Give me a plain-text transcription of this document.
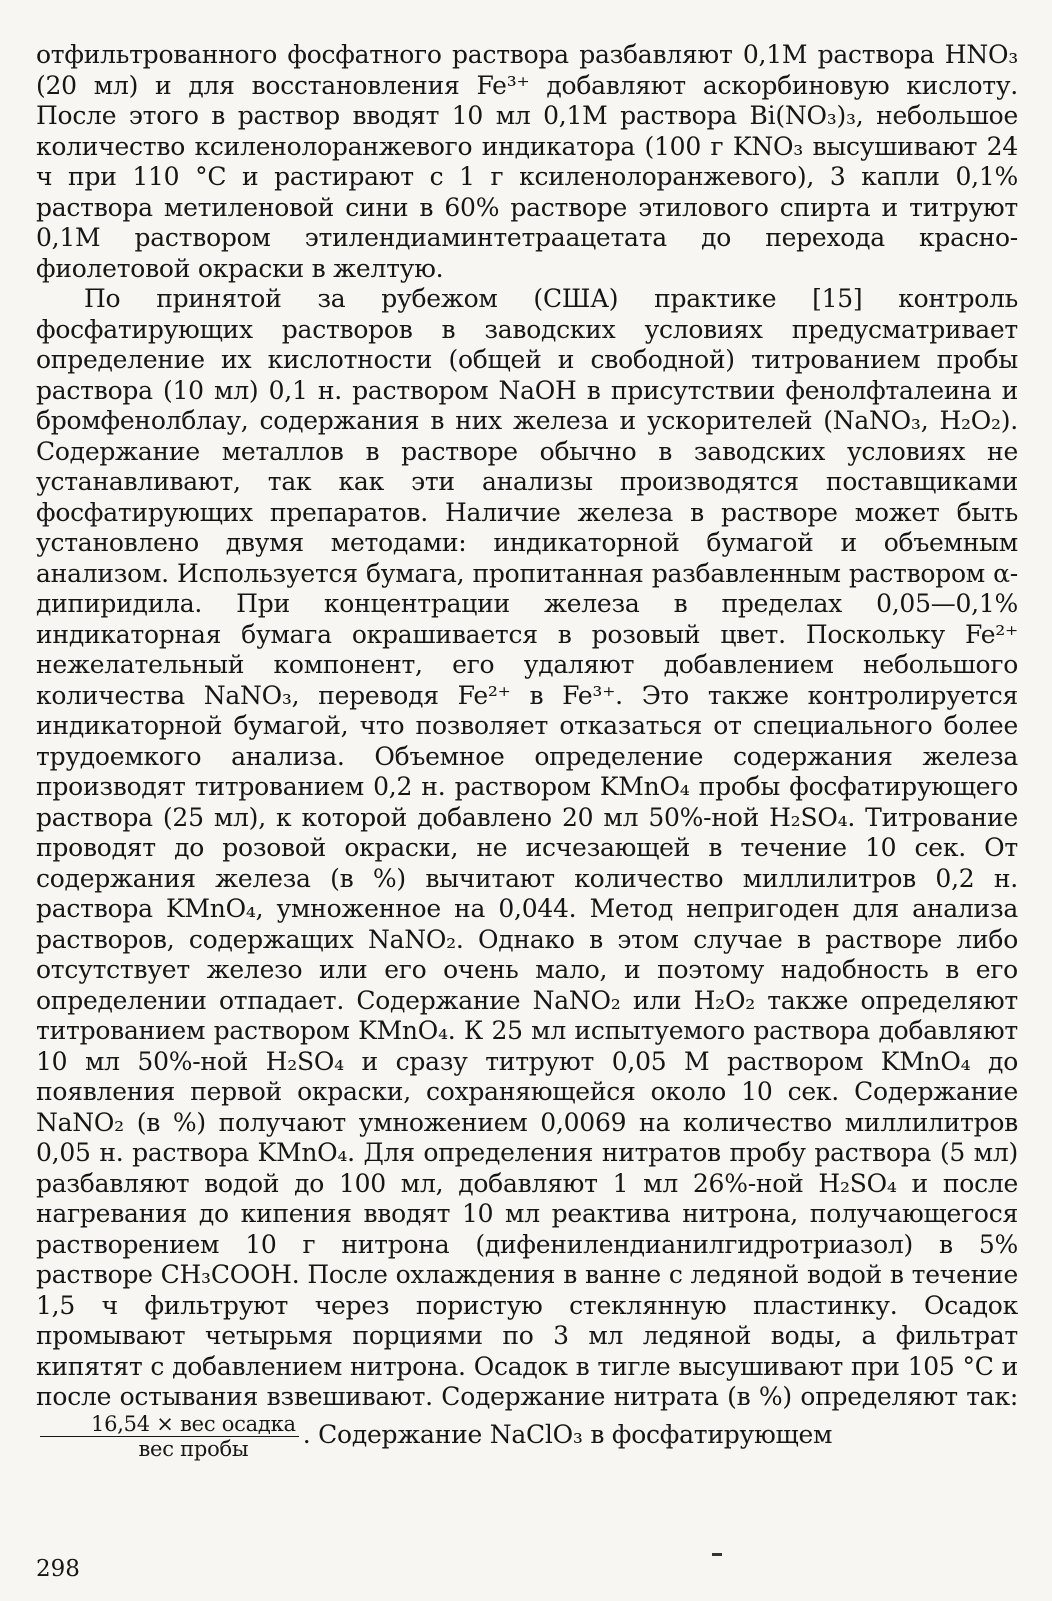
отфильтрованного фосфатного раствора разбавляют 0,1М раствора HNO₃ (20 мл) и для восстановления Fe³⁺ добавляют аскорбиновую кислоту. После этого в раствор вводят 10 мл 0,1М раствора Bi(NO₃)₃, небольшое количество ксиленолоранжевого индикатора (100 г KNO₃ высушивают 24 ч при 110 °C и растирают с 1 г ксиленолоранжевого), 3 капли 0,1% раствора метиленовой сини в 60% растворе этилового спирта и титруют 0,1М раствором этилендиаминтетраацетата до перехода красно-фиолетовой окраски в желтую.

По принятой за рубежом (США) практике [15] контроль фосфатирующих растворов в заводских условиях предусматривает определение их кислотности (общей и свободной) титрованием пробы раствора (10 мл) 0,1 н. раствором NaOH в присутствии фенолфталеина и бромфенолблау, содержания в них железа и ускорителей (NaNO₃, H₂O₂). Содержание металлов в растворе обычно в заводских условиях не устанавливают, так как эти анализы производятся поставщиками фосфатирующих препаратов. Наличие железа в растворе может быть установлено двумя методами: индикаторной бумагой и объемным анализом. Используется бумага, пропитанная разбавленным раствором α-дипиридила. При концентрации железа в пределах 0,05—0,1% индикаторная бумага окрашивается в розовый цвет. Поскольку Fe²⁺ нежелательный компонент, его удаляют добавлением небольшого количества NaNO₃, переводя Fe²⁺ в Fe³⁺. Это также контролируется индикаторной бумагой, что позволяет отказаться от специального более трудоемкого анализа. Объемное определение содержания железа производят титрованием 0,2 н. раствором KMnO₄ пробы фосфатирующего раствора (25 мл), к которой добавлено 20 мл 50%-ной H₂SO₄. Титрование проводят до розовой окраски, не исчезающей в течение 10 сек. От содержания железа (в %) вычитают количество миллилитров 0,2 н. раствора KMnO₄, умноженное на 0,044. Метод непригоден для анализа растворов, содержащих NaNO₂. Однако в этом случае в растворе либо отсутствует железо или его очень мало, и поэтому надобность в его определении отпадает. Содержание NaNO₂ или H₂O₂ также определяют титрованием раствором KMnO₄. К 25 мл испытуемого раствора добавляют 10 мл 50%-ной H₂SO₄ и сразу титруют 0,05 М раствором KMnO₄ до появления первой окраски, сохраняющейся около 10 сек. Содержание NaNO₂ (в %) получают умножением 0,0069 на количество миллилитров 0,05 н. раствора KMnO₄. Для определения нитратов пробу раствора (5 мл) разбавляют водой до 100 мл, добавляют 1 мл 26%-ной H₂SO₄ и после нагревания до кипения вводят 10 мл реактива нитрона, получающегося растворением 10 г нитрона (дифенилендианилгидротриазол) в 5% растворе CH₃COOH. После охлаждения в ванне с ледяной водой в течение 1,5 ч фильтруют через пористую стеклянную пластинку. Осадок промывают четырьмя порциями по 3 мл ледяной воды, а фильтрат кипятят с добавлением нитрона. Осадок в тигле высушивают при 105 °C и после остывания взвешивают. Содержание нитрата (в %) определяют так:
$\frac{\text{16,54 × вес осадка}}{\text{вес пробы}}$ . Содержание NaClO₃ в фосфатирующем

298
